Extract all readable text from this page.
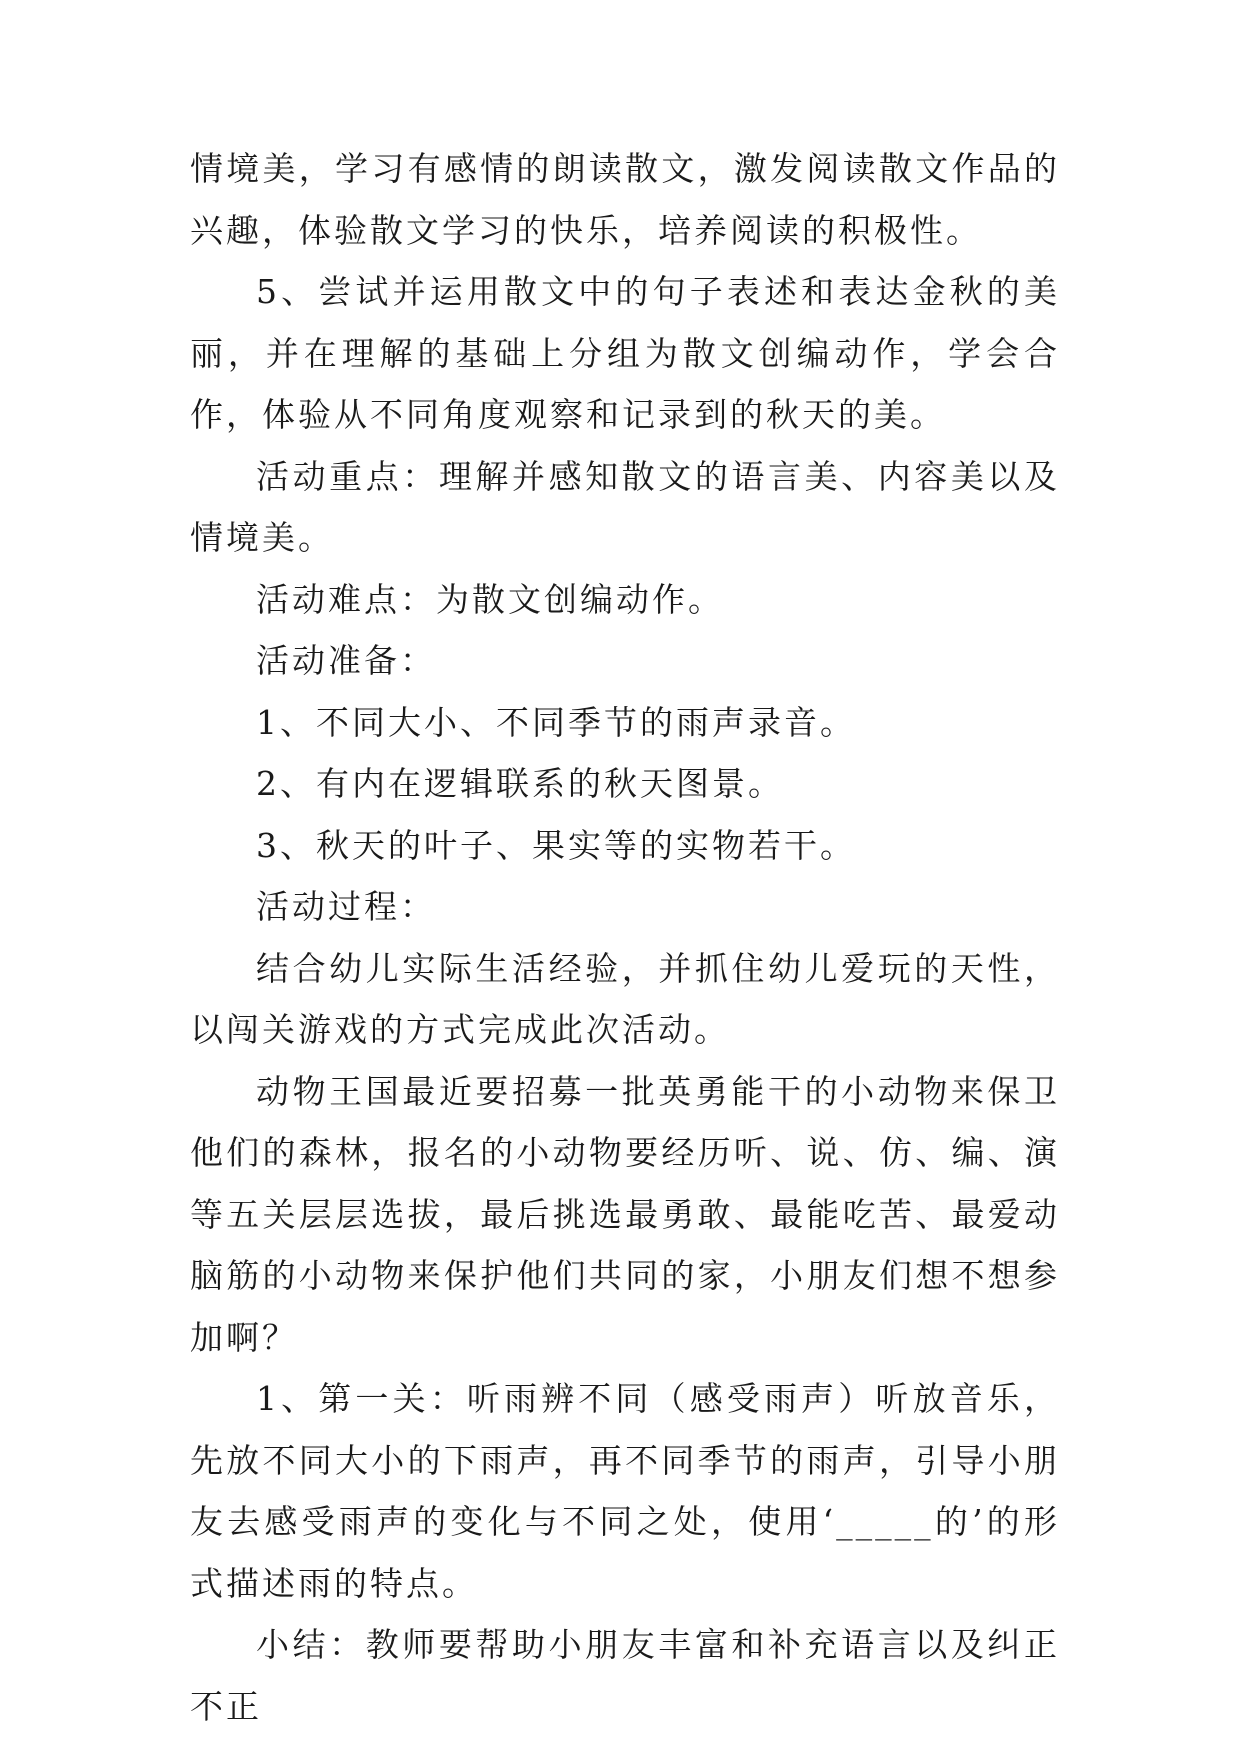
情境美，学习有感情的朗读散文，激发阅读散文作品的兴趣，体验散文学习的快乐，培养阅读的积极性。

5、尝试并运用散文中的句子表述和表达金秋的美丽，并在理解的基础上分组为散文创编动作，学会合作，体验从不同角度观察和记录到的秋天的美。

活动重点：理解并感知散文的语言美、内容美以及情境美。

活动难点：为散文创编动作。

活动准备：

1、不同大小、不同季节的雨声录音。

2、有内在逻辑联系的秋天图景。

3、秋天的叶子、果实等的实物若干。

活动过程：

结合幼儿实际生活经验，并抓住幼儿爱玩的天性，以闯关游戏的方式完成此次活动。

动物王国最近要招募一批英勇能干的小动物来保卫他们的森林，报名的小动物要经历听、说、仿、编、演等五关层层选拔，最后挑选最勇敢、最能吃苦、最爱动脑筋的小动物来保护他们共同的家，小朋友们想不想参加啊？

1、第一关：听雨辨不同（感受雨声）听放音乐，先放不同大小的下雨声，再不同季节的雨声，引导小朋友去感受雨声的变化与不同之处，使用‘_____的’的形式描述雨的特点。

小结：教师要帮助小朋友丰富和补充语言以及纠正不正
